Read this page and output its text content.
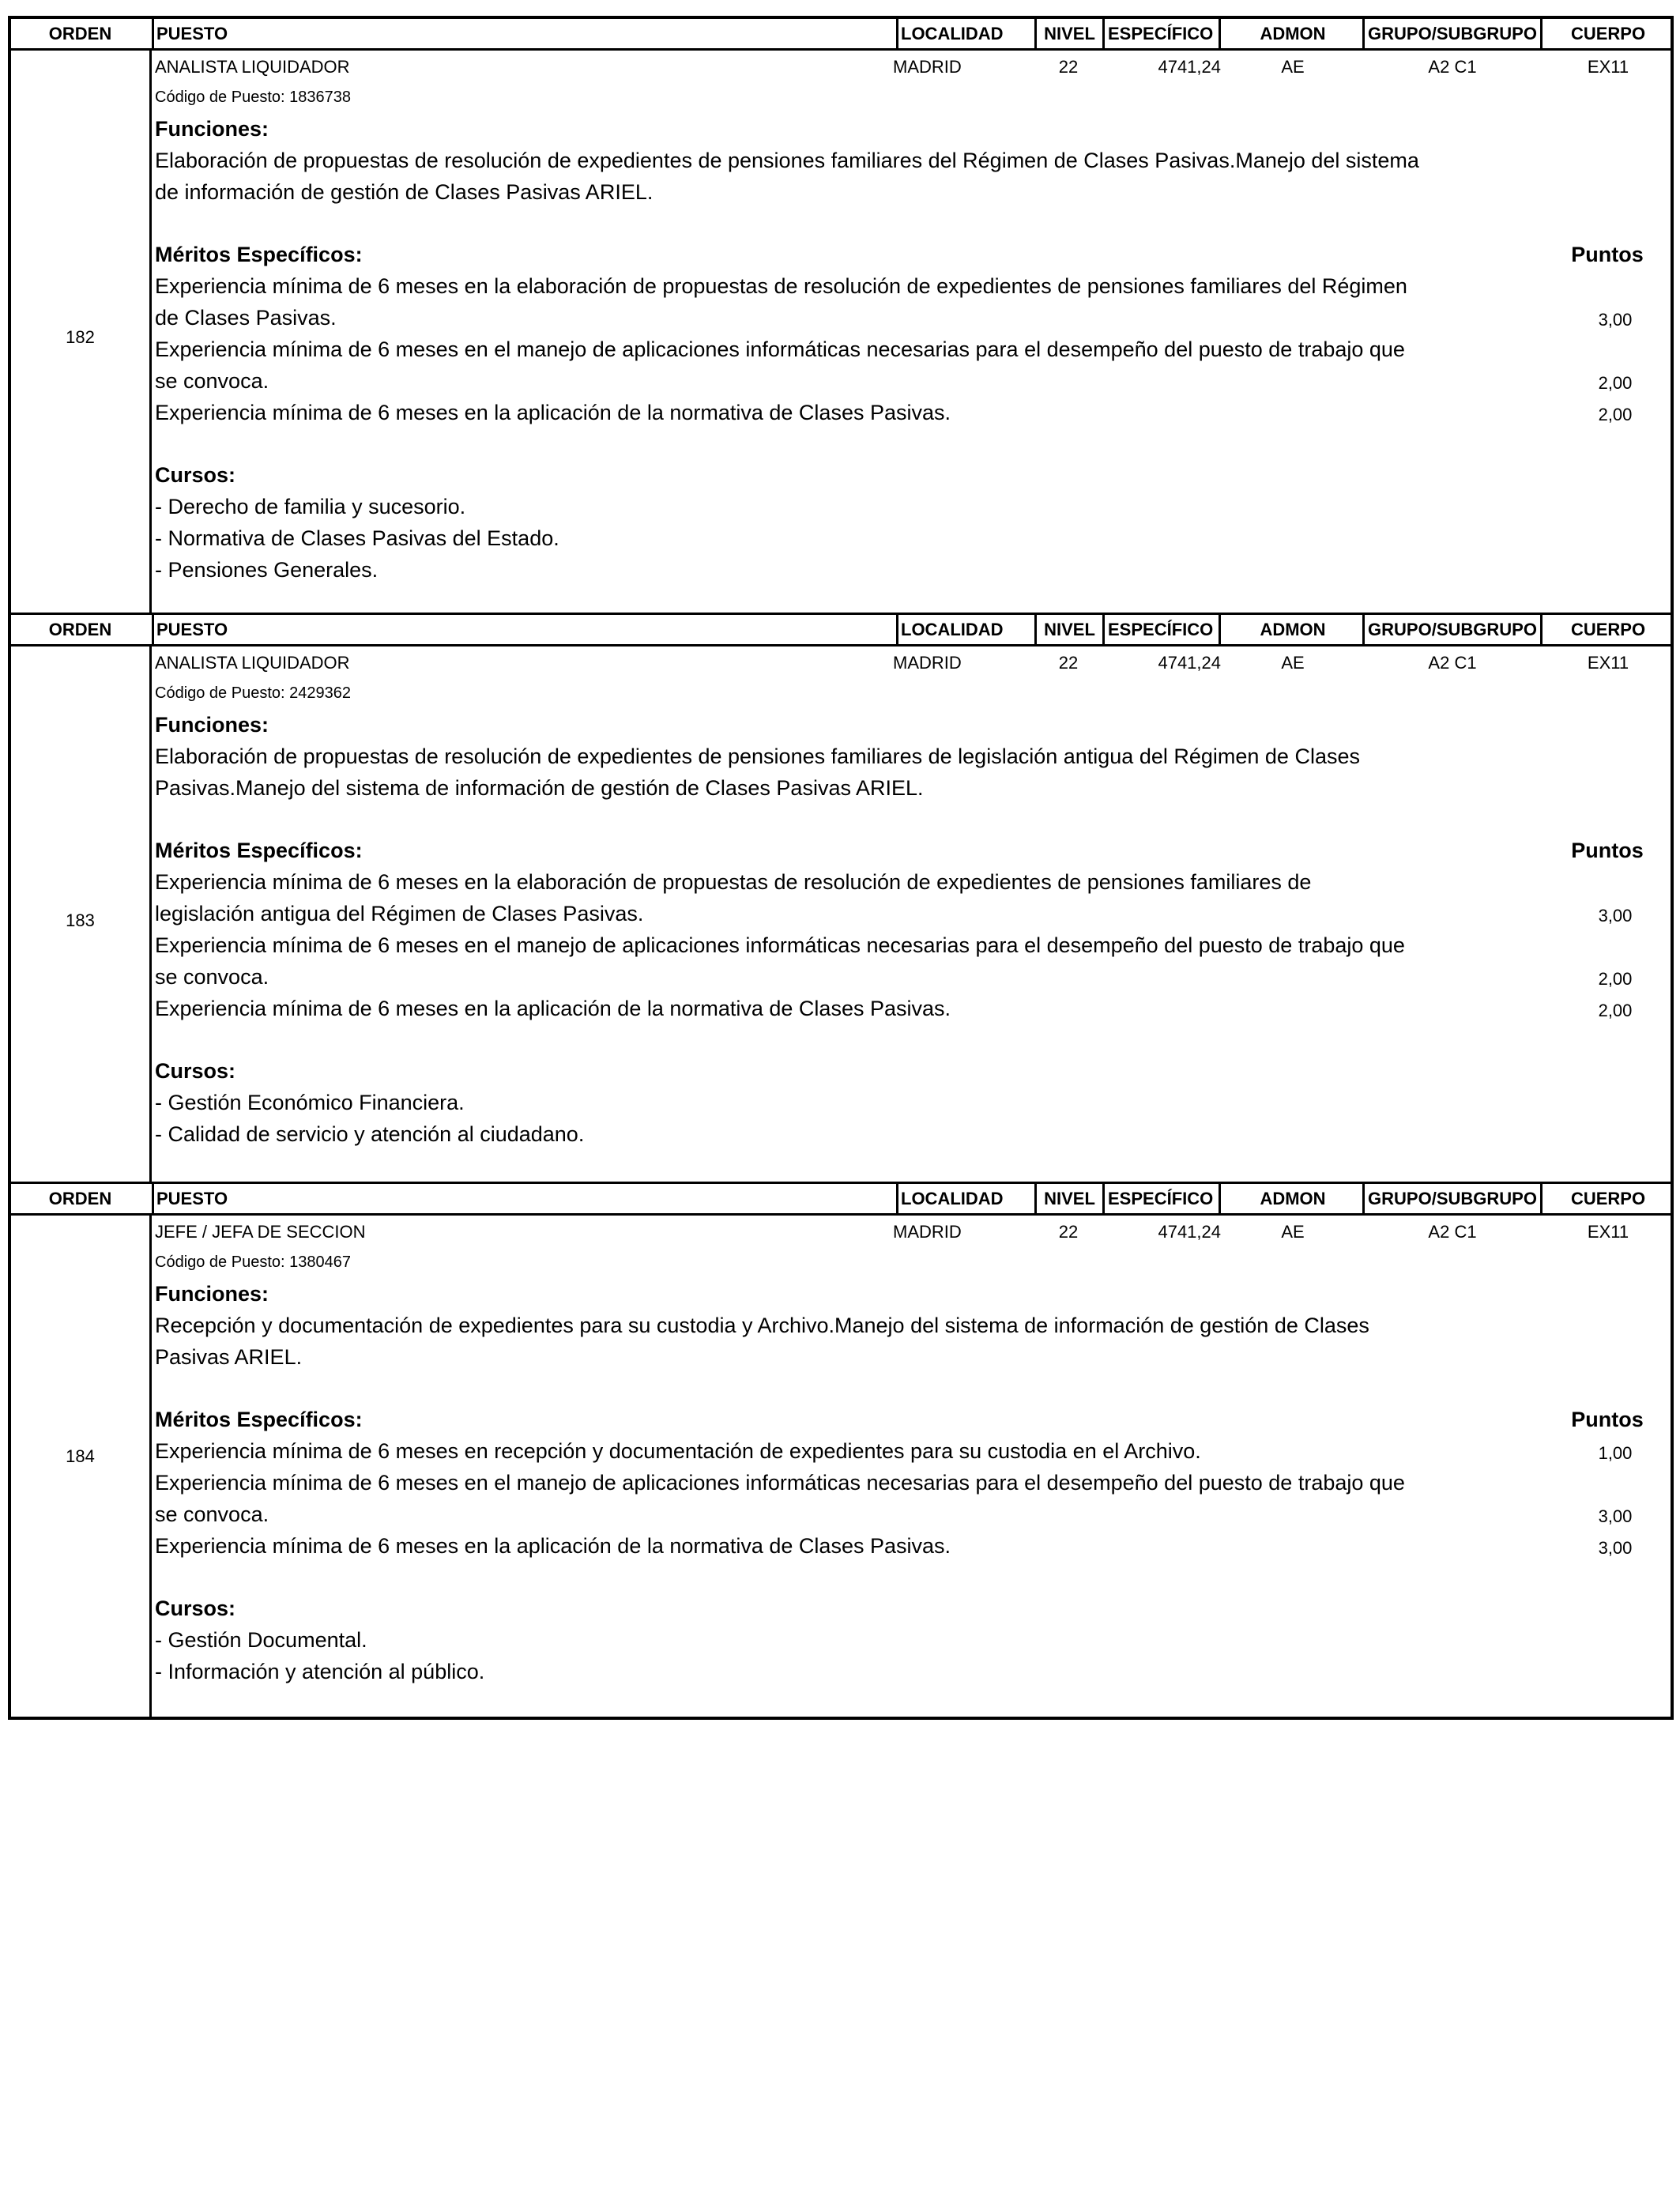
ORDEN	PUESTO	LOCALIDAD	NIVEL ESPECÍFICO	ADMON	GRUPO/SUBGRUPO	CUERPO
182
ANALISTA LIQUIDADOR	MADRID	22	4741,24	AE	A2 C1	EX11
Código de Puesto: 1836738
Funciones:
Elaboración de propuestas de resolución de expedientes de pensiones familiares del Régimen de Clases Pasivas.Manejo del sistema
de información de gestión de Clases Pasivas ARIEL.
Méritos Específicos:	Puntos
Experiencia mínima de 6 meses en la elaboración de propuestas de resolución de expedientes de pensiones familiares del Régimen
de Clases Pasivas.	3,00
Experiencia mínima de 6 meses en el manejo de aplicaciones informáticas necesarias para el desempeño del puesto de trabajo que
se convoca.	2,00
Experiencia mínima de 6 meses en la aplicación de la normativa de Clases Pasivas.	2,00
Cursos:
- Derecho de familia y sucesorio.
- Normativa de Clases Pasivas del Estado.
- Pensiones Generales.
ORDEN	PUESTO	LOCALIDAD	NIVEL ESPECÍFICO	ADMON	GRUPO/SUBGRUPO	CUERPO
183
ANALISTA LIQUIDADOR	MADRID	22	4741,24	AE	A2 C1	EX11
Código de Puesto: 2429362
Funciones:
Elaboración de propuestas de resolución de expedientes de pensiones familiares de legislación antigua del Régimen de Clases
Pasivas.Manejo del sistema de información de gestión de Clases Pasivas ARIEL.
Méritos Específicos:	Puntos
Experiencia mínima de 6 meses en la elaboración de propuestas de resolución de expedientes de pensiones familiares de
legislación antigua del Régimen de Clases Pasivas.	3,00
Experiencia mínima de 6 meses en el manejo de aplicaciones informáticas necesarias para el desempeño del puesto de trabajo que
se convoca.	2,00
Experiencia mínima de 6 meses en la aplicación de la normativa de Clases Pasivas.	2,00
Cursos:
- Gestión Económico Financiera.
- Calidad de servicio y atención al ciudadano.
ORDEN	PUESTO	LOCALIDAD	NIVEL ESPECÍFICO	ADMON	GRUPO/SUBGRUPO	CUERPO
184
JEFE / JEFA DE SECCION	MADRID	22	4741,24	AE	A2 C1	EX11
Código de Puesto: 1380467
Funciones:
Recepción y documentación de expedientes para su custodia y Archivo.Manejo del sistema de información de gestión de Clases
Pasivas ARIEL.
Méritos Específicos:	Puntos
Experiencia mínima de 6 meses en recepción y documentación de expedientes para su custodia en el Archivo.	1,00
Experiencia mínima de 6 meses en el manejo de aplicaciones informáticas necesarias para el desempeño del puesto de trabajo que
se convoca.	3,00
Experiencia mínima de 6 meses en la aplicación de la normativa de Clases Pasivas.	3,00
Cursos:
- Gestión Documental.
- Información y atención al público.
